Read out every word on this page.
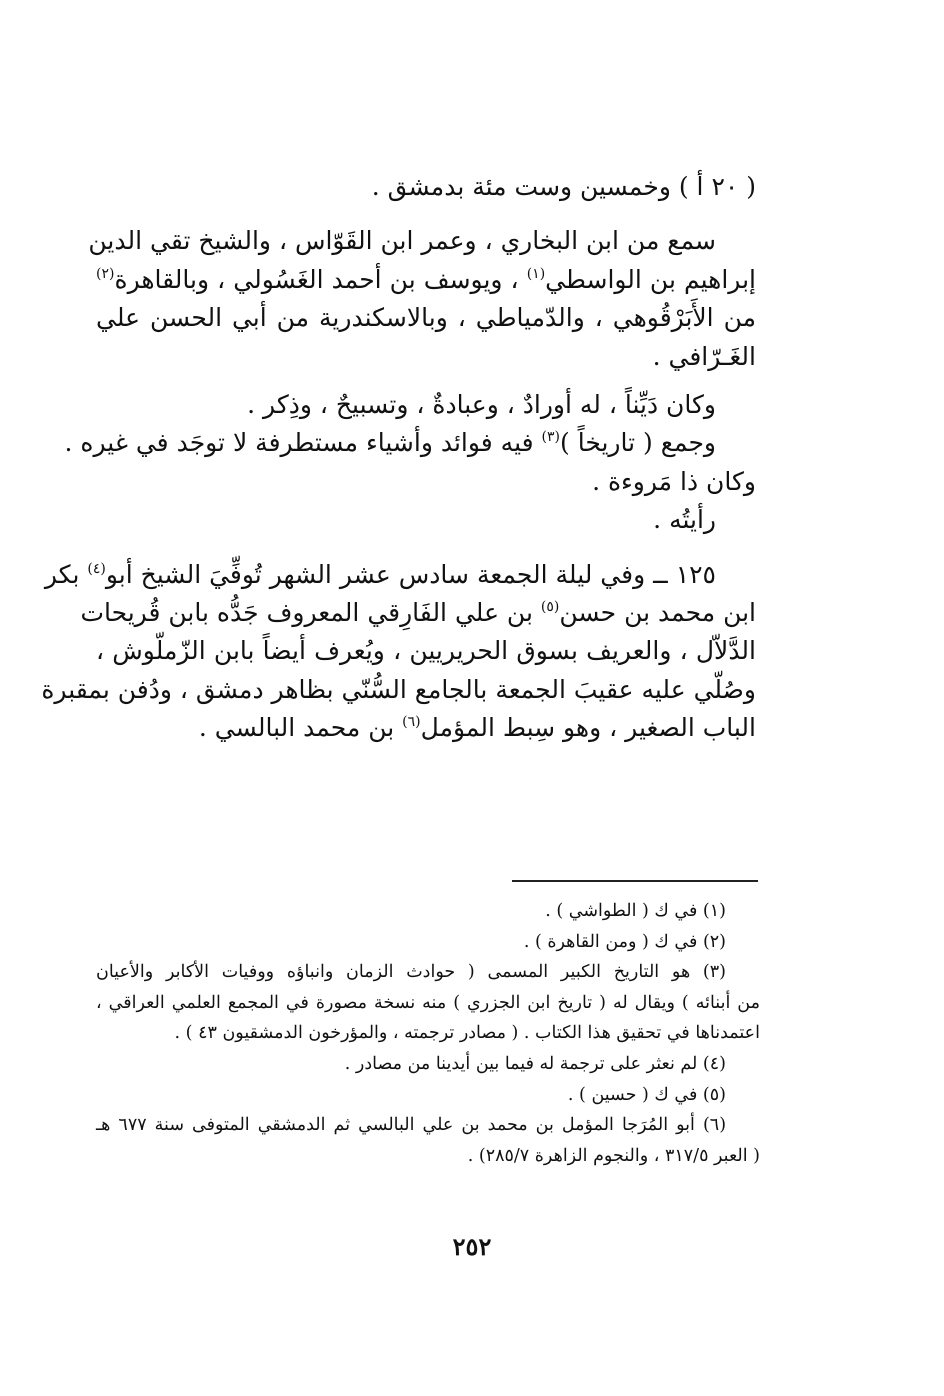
( ٢٠ أ ) وخمسين وست مئة بدمشق .
سمع من ابن البخاري ، وعمر ابن القَوّاس ، والشيخ تقي الدين
إبراهيم بن الواسطي$^{(١)}$ ، ويوسف بن أحمد الغَسُولي ، وبالقاهرة$^{(٢)}$
من الأَبَرْقُوهي ، والدّمياطي ، وبالاسكندرية من أبي الحسن علي
الغَـرّافي .
وكان دَيِّناً ، له أورادٌ ، وعبادةٌ ، وتسبيحٌ ، وذِكر .
وجمع ( تاريخاً )$^{(٣)}$ فيه فوائد وأشياء مستطرفة لا توجَد في غيره .
وكان ذا مَروءة .
رأيتُه .
١٢٥ ــ وفي ليلة الجمعة سادس عشر الشهر تُوفِّيَ الشيخ أبو$^{(٤)}$ بكر
ابن محمد بن حسن$^{(٥)}$ بن علي الفَارِقي المعروف جَدُّه بابن قُريحات
الدَّلاّل ، والعريف بسوق الحريريين ، ويُعرف أيضاً بابن الزّملّوش ،
وصُلّي عليه عقيبَ الجمعة بالجامع السُّنّي بظاهر دمشق ، ودُفن بمقبرة
الباب الصغير ، وهو سِبط المؤمل$^{(٦)}$ بن محمد البالسي .
(١) في ك ( الطواشي ) .
(٢) في ك ( ومن القاهرة ) .
(٣) هو التاريخ الكبير المسمى ( حوادث الزمان وانباؤه ووفيات الأكابر والأعيان
من أبنائه ) ويقال له ( تاريخ ابن الجزري ) منه نسخة مصورة في المجمع العلمي العراقي ،
اعتمدناها في تحقيق هذا الكتاب . ( مصادر ترجمته ، والمؤرخون الدمشقيون ٤٣ ) .
(٤) لم نعثر على ترجمة له فيما بين أيدينا من مصادر .
(٥) في ك ( حسين ) .
(٦) أبو المُرَجا المؤمل بن محمد بن علي البالسي ثم الدمشقي المتوفى سنة ٦٧٧ هـ
( العبر ٣١٧/٥ ، والنجوم الزاهرة ٢٨٥/٧) .
٢٥٢
